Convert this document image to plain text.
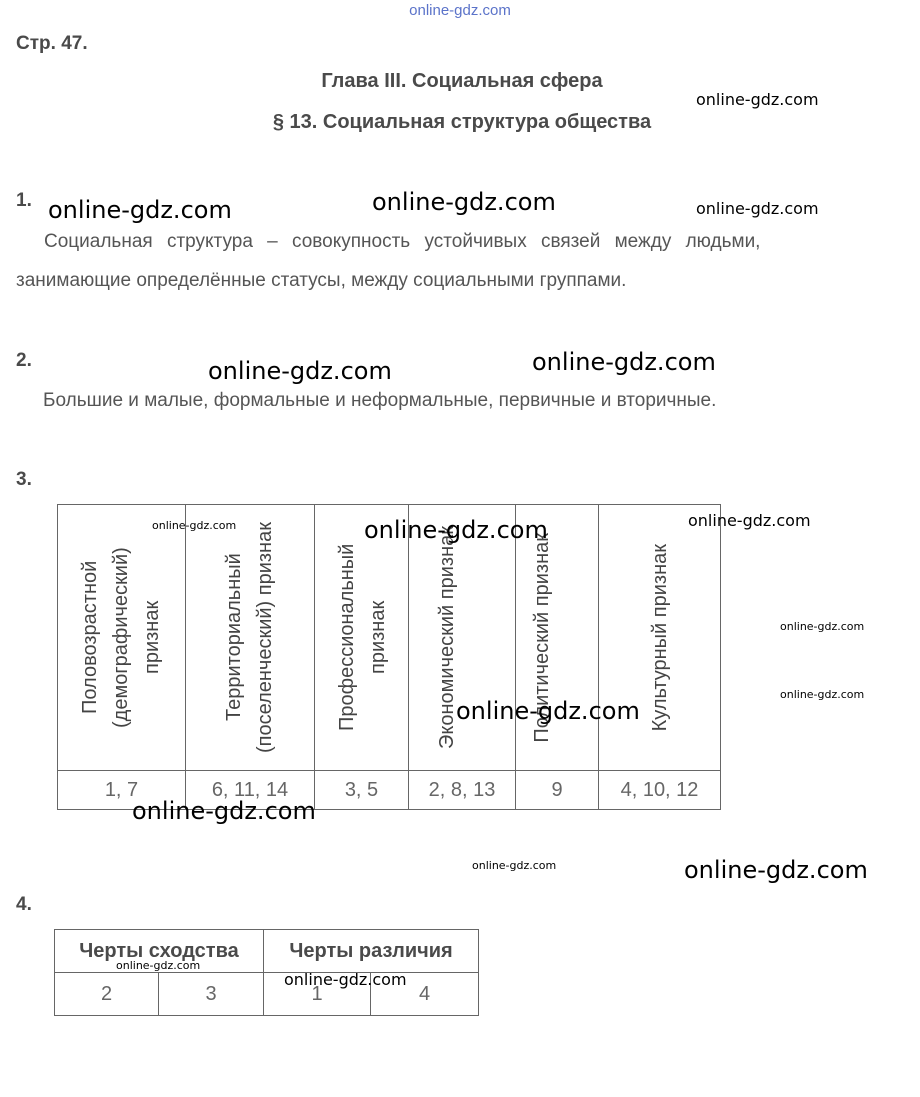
online-gdz.com
Стр. 47.
Глава III. Социальная сфера
§ 13. Социальная структура общества
1.
Социальная структура – совокупность устойчивых связей между людьми,
занимающие определённые статусы, между социальными группами.
2.
Большие и малые, формальные и неформальные, первичные и вторичные.
3.
Половозрастной (демографический) признак	Территориальный (поселенческий) признак	Профессиональный признак	Экономический признак	Политический признак	Культурный признак

1, 7	6, 11, 14	3, 5	2, 8, 13	9	4, 10, 12
4.
Черты сходства		Черты различия	
2	3	1	4
online-gdz.com
online-gdz.com	online-gdz.com	online-gdz.com
online-gdz.com	online-gdz.com
online-gdz.com	online-gdz.com	online-gdz.com
online-gdz.com
online-gdz.com
online-gdz.com
online-gdz.com
online-gdz.com	online-gdz.com
online-gdz.com
online-gdz.com
